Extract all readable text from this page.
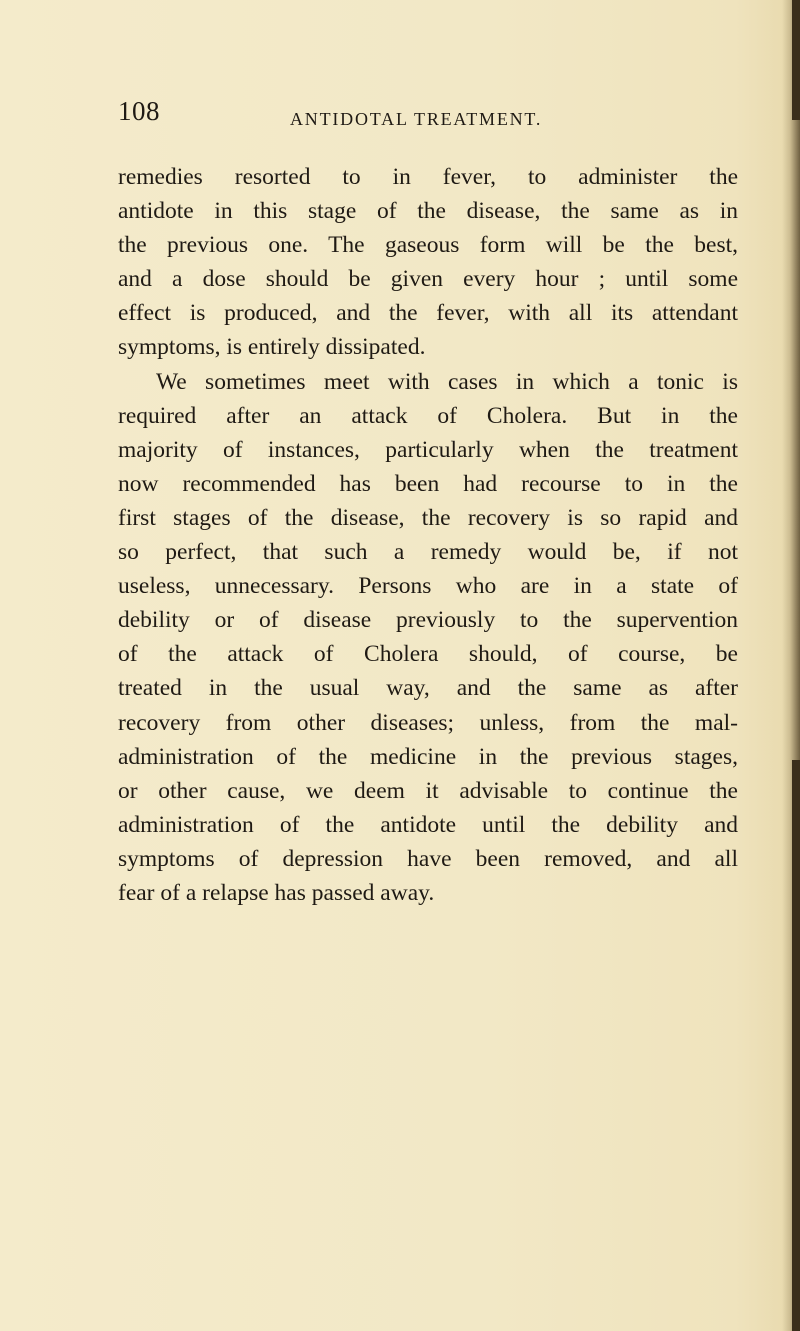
108	ANTIDOTAL TREATMENT.
remedies resorted to in fever, to administer the
antidote in this stage of the disease, the same as in
the previous one. The gaseous form will be the best,
and a dose should be given every hour ; until some
effect is produced, and the fever, with all its attendant
symptoms, is entirely dissipated.
We sometimes meet with cases in which a tonic is
required after an attack of Cholera. But in the
majority of instances, particularly when the treatment
now recommended has been had recourse to in the
first stages of the disease, the recovery is so rapid and
so perfect, that such a remedy would be, if not
useless, unnecessary. Persons who are in a state of
debility or of disease previously to the supervention
of the attack of Cholera should, of course, be
treated in the usual way, and the same as after
recovery from other diseases; unless, from the mal-
administration of the medicine in the previous stages,
or other cause, we deem it advisable to continue the
administration of the antidote until the debility and
symptoms of depression have been removed, and all
fear of a relapse has passed away.
